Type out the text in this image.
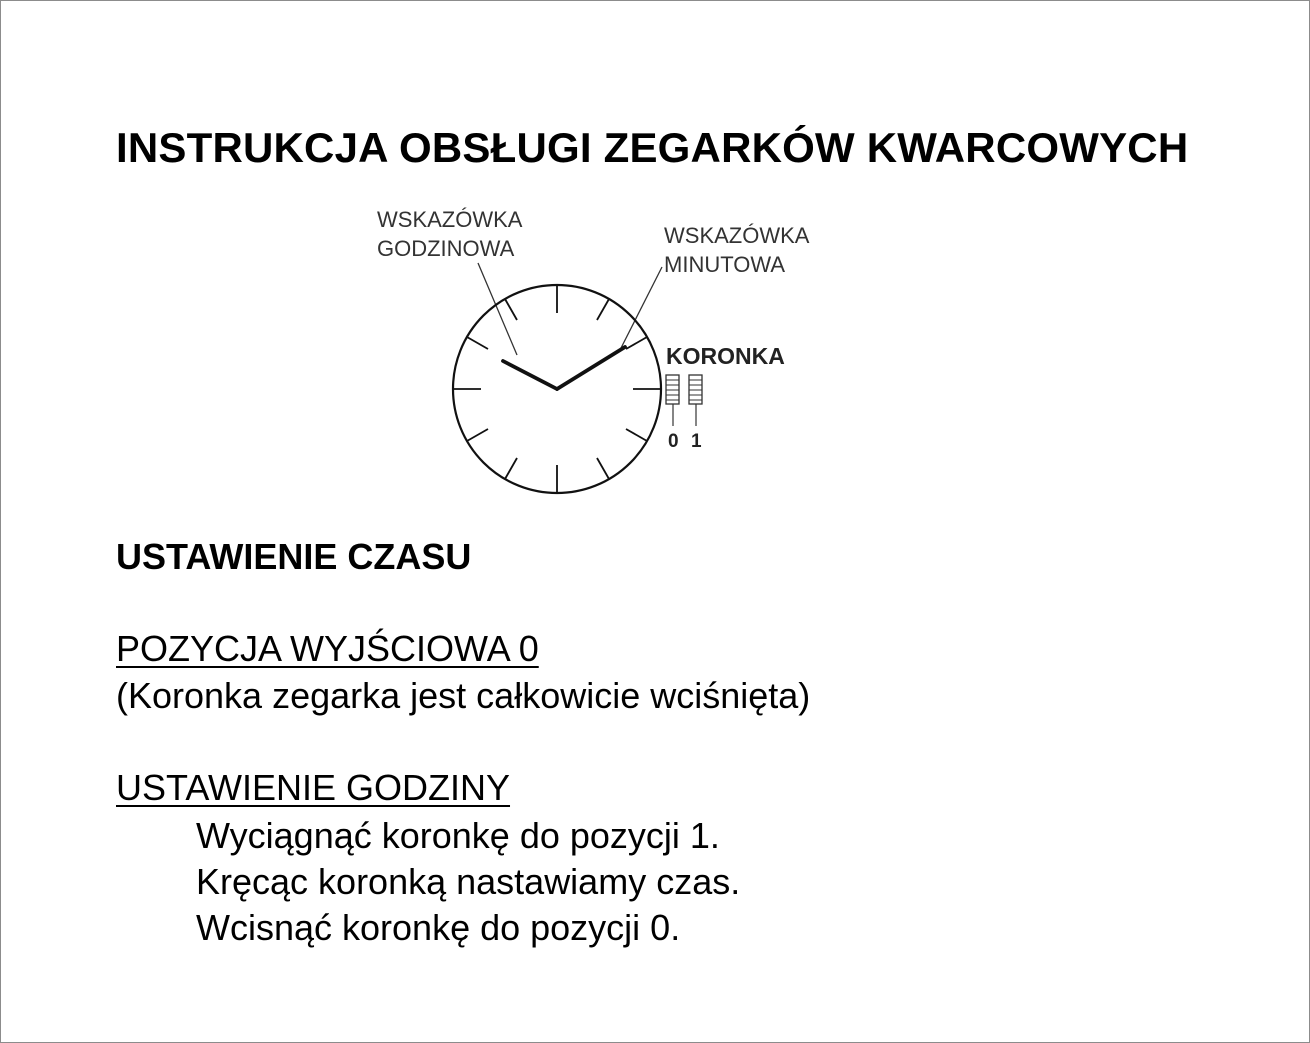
INSTRUKCJA OBSŁUGI ZEGARKÓW KWARCOWYCH
WSKAZÓWKA
GODZINOWA
WSKAZÓWKA
MINUTOWA
KORONKA
0 1
USTAWIENIE CZASU
POZYCJA WYJŚCIOWA 0

(Koronka zegarka jest całkowicie wciśnięta)

USTAWIENIE GODZINY

Wyciągnąć koronkę do pozycji 1.

Kręcąc koronką nastawiamy czas.

Wcisnąć koronkę do pozycji 0.
